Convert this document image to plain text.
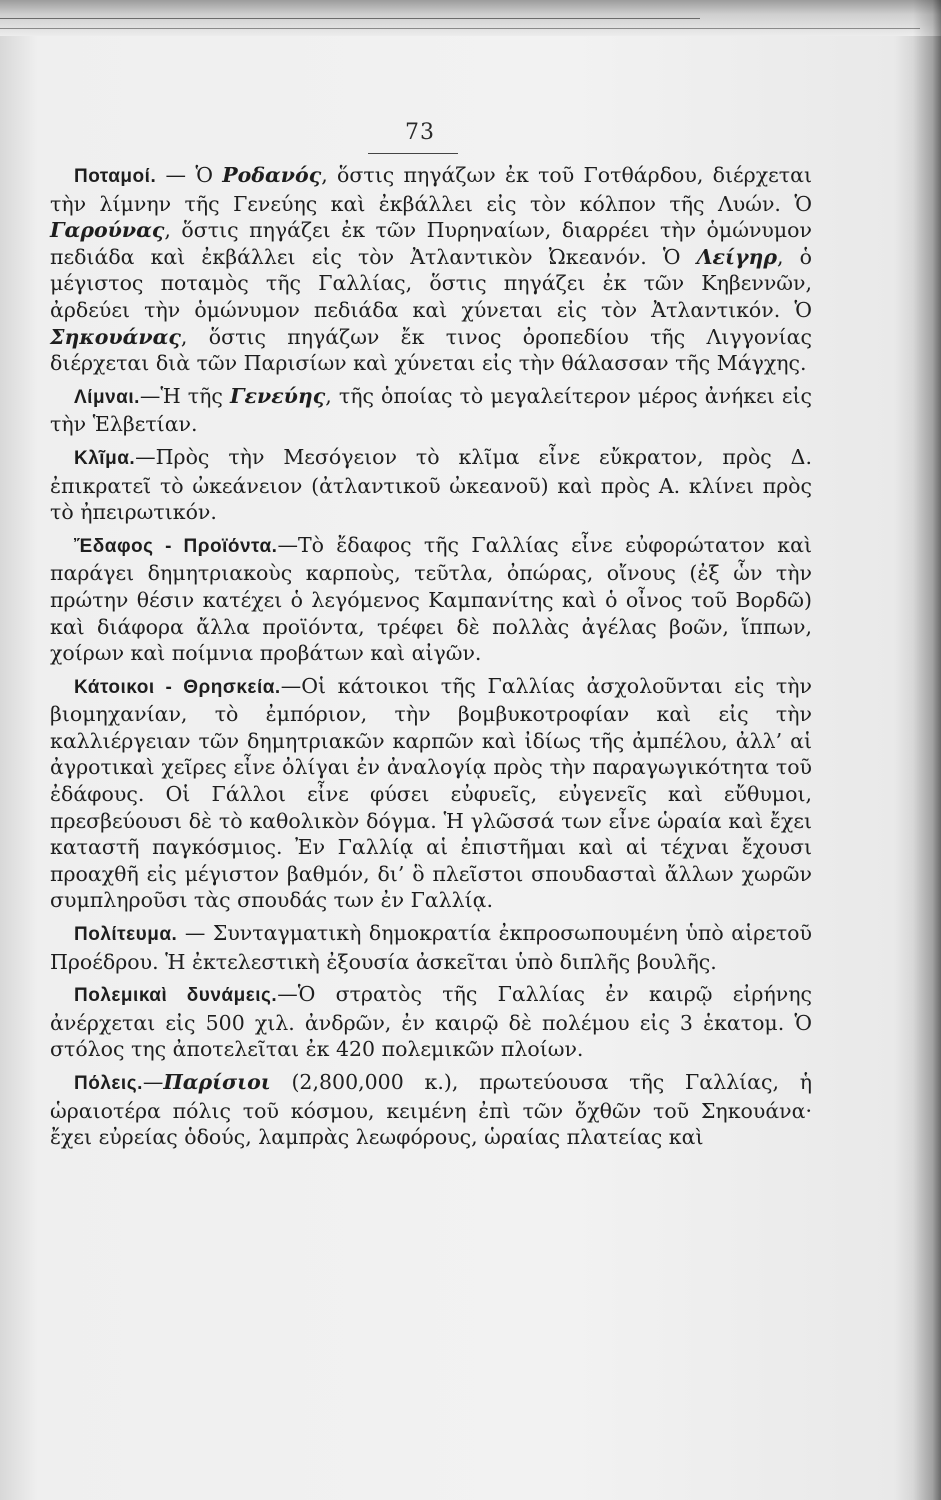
73

Ποταμοί. — Ὁ Ροδανός, ὅστις πηγάζων ἐκ τοῦ Γοτθάρδου, διέρχεται τὴν λίμνην τῆς Γενεύης καὶ ἐκβάλλει εἰς τὸν κόλπον τῆς Λυών. Ὁ Γαρούνας, ὅστις πηγάζει ἐκ τῶν Πυρηναίων, διαρρέει τὴν ὁμώνυμον πεδιάδα καὶ ἐκβάλλει εἰς τὸν Ἀτλαντικὸν Ὠκεανόν. Ὁ Λείγηρ, ὁ μέγιστος ποταμὸς τῆς Γαλλίας, ὅστις πηγάζει ἐκ τῶν Κηβεννῶν, ἀρδεύει τὴν ὁμώνυμον πεδιάδα καὶ χύνεται εἰς τὸν Ἀτλαντικόν. Ὁ Σηκουάνας, ὅστις πηγάζων ἔκ τινος ὀροπεδίου τῆς Λιγγονίας διέρχεται διὰ τῶν Παρισίων καὶ χύνεται εἰς τὴν θάλασσαν τῆς Μάγχης.

Λίμναι.—Ἡ τῆς Γενεύης, τῆς ὁποίας τὸ μεγαλείτερον μέρος ἀνήκει εἰς τὴν Ἑλβετίαν.

Κλῖμα.—Πρὸς τὴν Μεσόγειον τὸ κλῖμα εἶνε εὔκρατον, πρὸς Δ. ἐπικρατεῖ τὸ ὠκεάνειον (ἀτλαντικοῦ ὠκεανοῦ) καὶ πρὸς Α. κλίνει πρὸς τὸ ἠπειρωτικόν.

Ἔδαφος - Προϊόντα.—Τὸ ἔδαφος τῆς Γαλλίας εἶνε εὐφορώτατον καὶ παράγει δημητριακοὺς καρποὺς, τεῦτλα, ὀπώρας, οἴνους (ἐξ ὧν τὴν πρώτην θέσιν κατέχει ὁ λεγόμενος Καμπανίτης καὶ ὁ οἶνος τοῦ Βορδῶ) καὶ διάφορα ἄλλα προϊόντα, τρέφει δὲ πολλὰς ἀγέλας βοῶν, ἵππων, χοίρων καὶ ποίμνια προβάτων καὶ αἰγῶν.

Κάτοικοι - Θρησκεία.—Οἱ κάτοικοι τῆς Γαλλίας ἀσχολοῦνται εἰς τὴν βιομηχανίαν, τὸ ἐμπόριον, τὴν βομβυκοτροφίαν καὶ εἰς τὴν καλλιέργειαν τῶν δημητριακῶν καρπῶν καὶ ἰδίως τῆς ἀμπέλου, ἀλλ’ αἱ ἀγροτικαὶ χεῖρες εἶνε ὀλίγαι ἐν ἀναλογίᾳ πρὸς τὴν παραγωγικότητα τοῦ ἐδάφους. Οἱ Γάλλοι εἶνε φύσει εὐφυεῖς, εὐγενεῖς καὶ εὔθυμοι, πρεσβεύουσι δὲ τὸ καθολικὸν δόγμα. Ἡ γλῶσσά των εἶνε ὡραία καὶ ἔχει καταστῆ παγκόσμιος. Ἐν Γαλλίᾳ αἱ ἐπιστῆμαι καὶ αἱ τέχναι ἔχουσι προαχθῆ εἰς μέγιστον βαθμόν, δι’ ὃ πλεῖστοι σπουδασταὶ ἄλλων χωρῶν συμπληροῦσι τὰς σπουδάς των ἐν Γαλλίᾳ.

Πολίτευμα. — Συνταγματικὴ δημοκρατία ἐκπροσωπουμένη ὑπὸ αἱρετοῦ Προέδρου. Ἡ ἐκτελεστικὴ ἐξουσία ἀσκεῖται ὑπὸ διπλῆς βουλῆς.

Πολεμικαὶ δυνάμεις.—Ὁ στρατὸς τῆς Γαλλίας ἐν καιρῷ εἰρήνης ἀνέρχεται εἰς 500 χιλ. ἀνδρῶν, ἐν καιρῷ δὲ πολέμου εἰς 3 ἑκατομ. Ὁ στόλος της ἀποτελεῖται ἐκ 420 πολεμικῶν πλοίων.

Πόλεις.—Παρίσιοι (2,800,000 κ.), πρωτεύουσα τῆς Γαλλίας, ἡ ὡραιοτέρα πόλις τοῦ κόσμου, κειμένη ἐπὶ τῶν ὄχθῶν τοῦ Σηκουάνα· ἔχει εὐρείας ὁδούς, λαμπρὰς λεωφόρους, ὡραίας πλατείας καὶ
